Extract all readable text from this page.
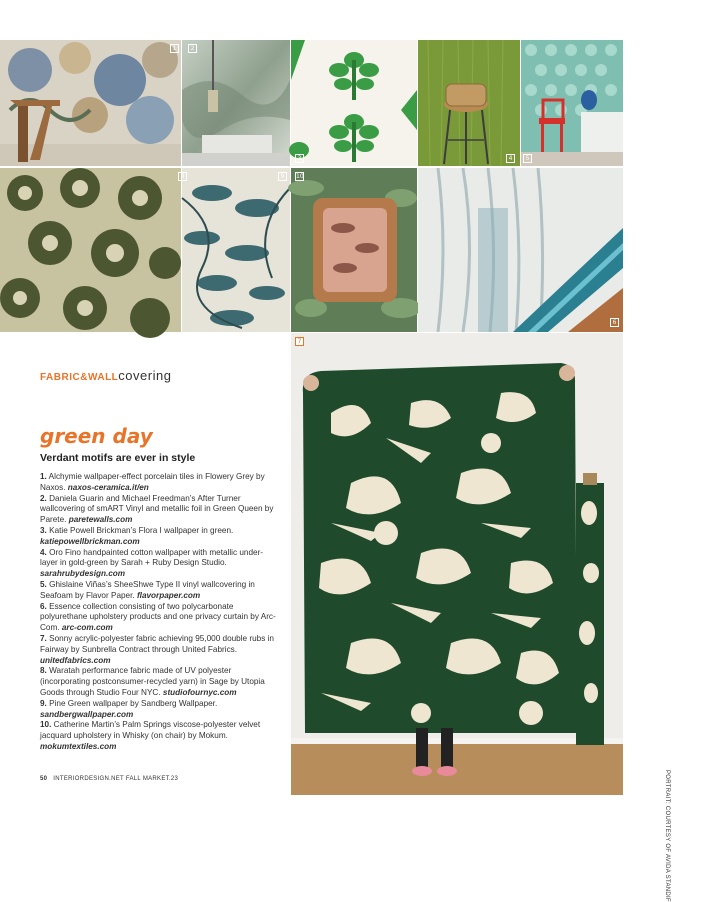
1	2
3	4	5
8	9	10
6
7
FABRIC&WALLcovering
green day
Verdant motifs are ever in style

1. Alchymie wallpaper-effect porcelain tiles in Flowery Grey by Naxos. naxos-ceramica.it/en

2. Daniela Guarin and Michael Freedman’s After Turner wallcovering of smART Vinyl and metallic foil in Green Queen by Parete. paretewalls.com

3. Katie Powell Brickman’s Flora I wallpaper in green. katiepowellbrickman.com

4. Oro Fino handpainted cotton wallpaper with metallic under-layer in gold-green by Sarah + Ruby Design Studio. sarahrubydesign.com

5. Ghislaine Viñas’s SheeShwe Type II vinyl wallcovering in Seafoam by Flavor Paper. flavorpaper.com

6. Essence collection consisting of two polycarbonate polyurethane upholstery products and one privacy curtain by Arc-Com. arc-com.com

7. Sonny acrylic-polyester fabric achieving 95,000 double rubs in Fairway by Sunbrella Contract through United Fabrics. unitedfabrics.com

8. Waratah performance fabric made of UV polyester (incorporating postconsumer-recycled yarn) in Sage by Utopia Goods through Studio Four NYC. studiofournyc.com

9. Pine Green wallpaper by Sandberg Wallpaper. sandbergwallpaper.com

10. Catherine Martin’s Palm Springs viscose-polyester velvet jacquard upholstery in Whisky (on chair) by Mokum. mokumtextiles.com

50 INTERIORDESIGN.NET FALL MARKET.23	PORTRAIT: COURTESY OF AVIDA STANDIF
